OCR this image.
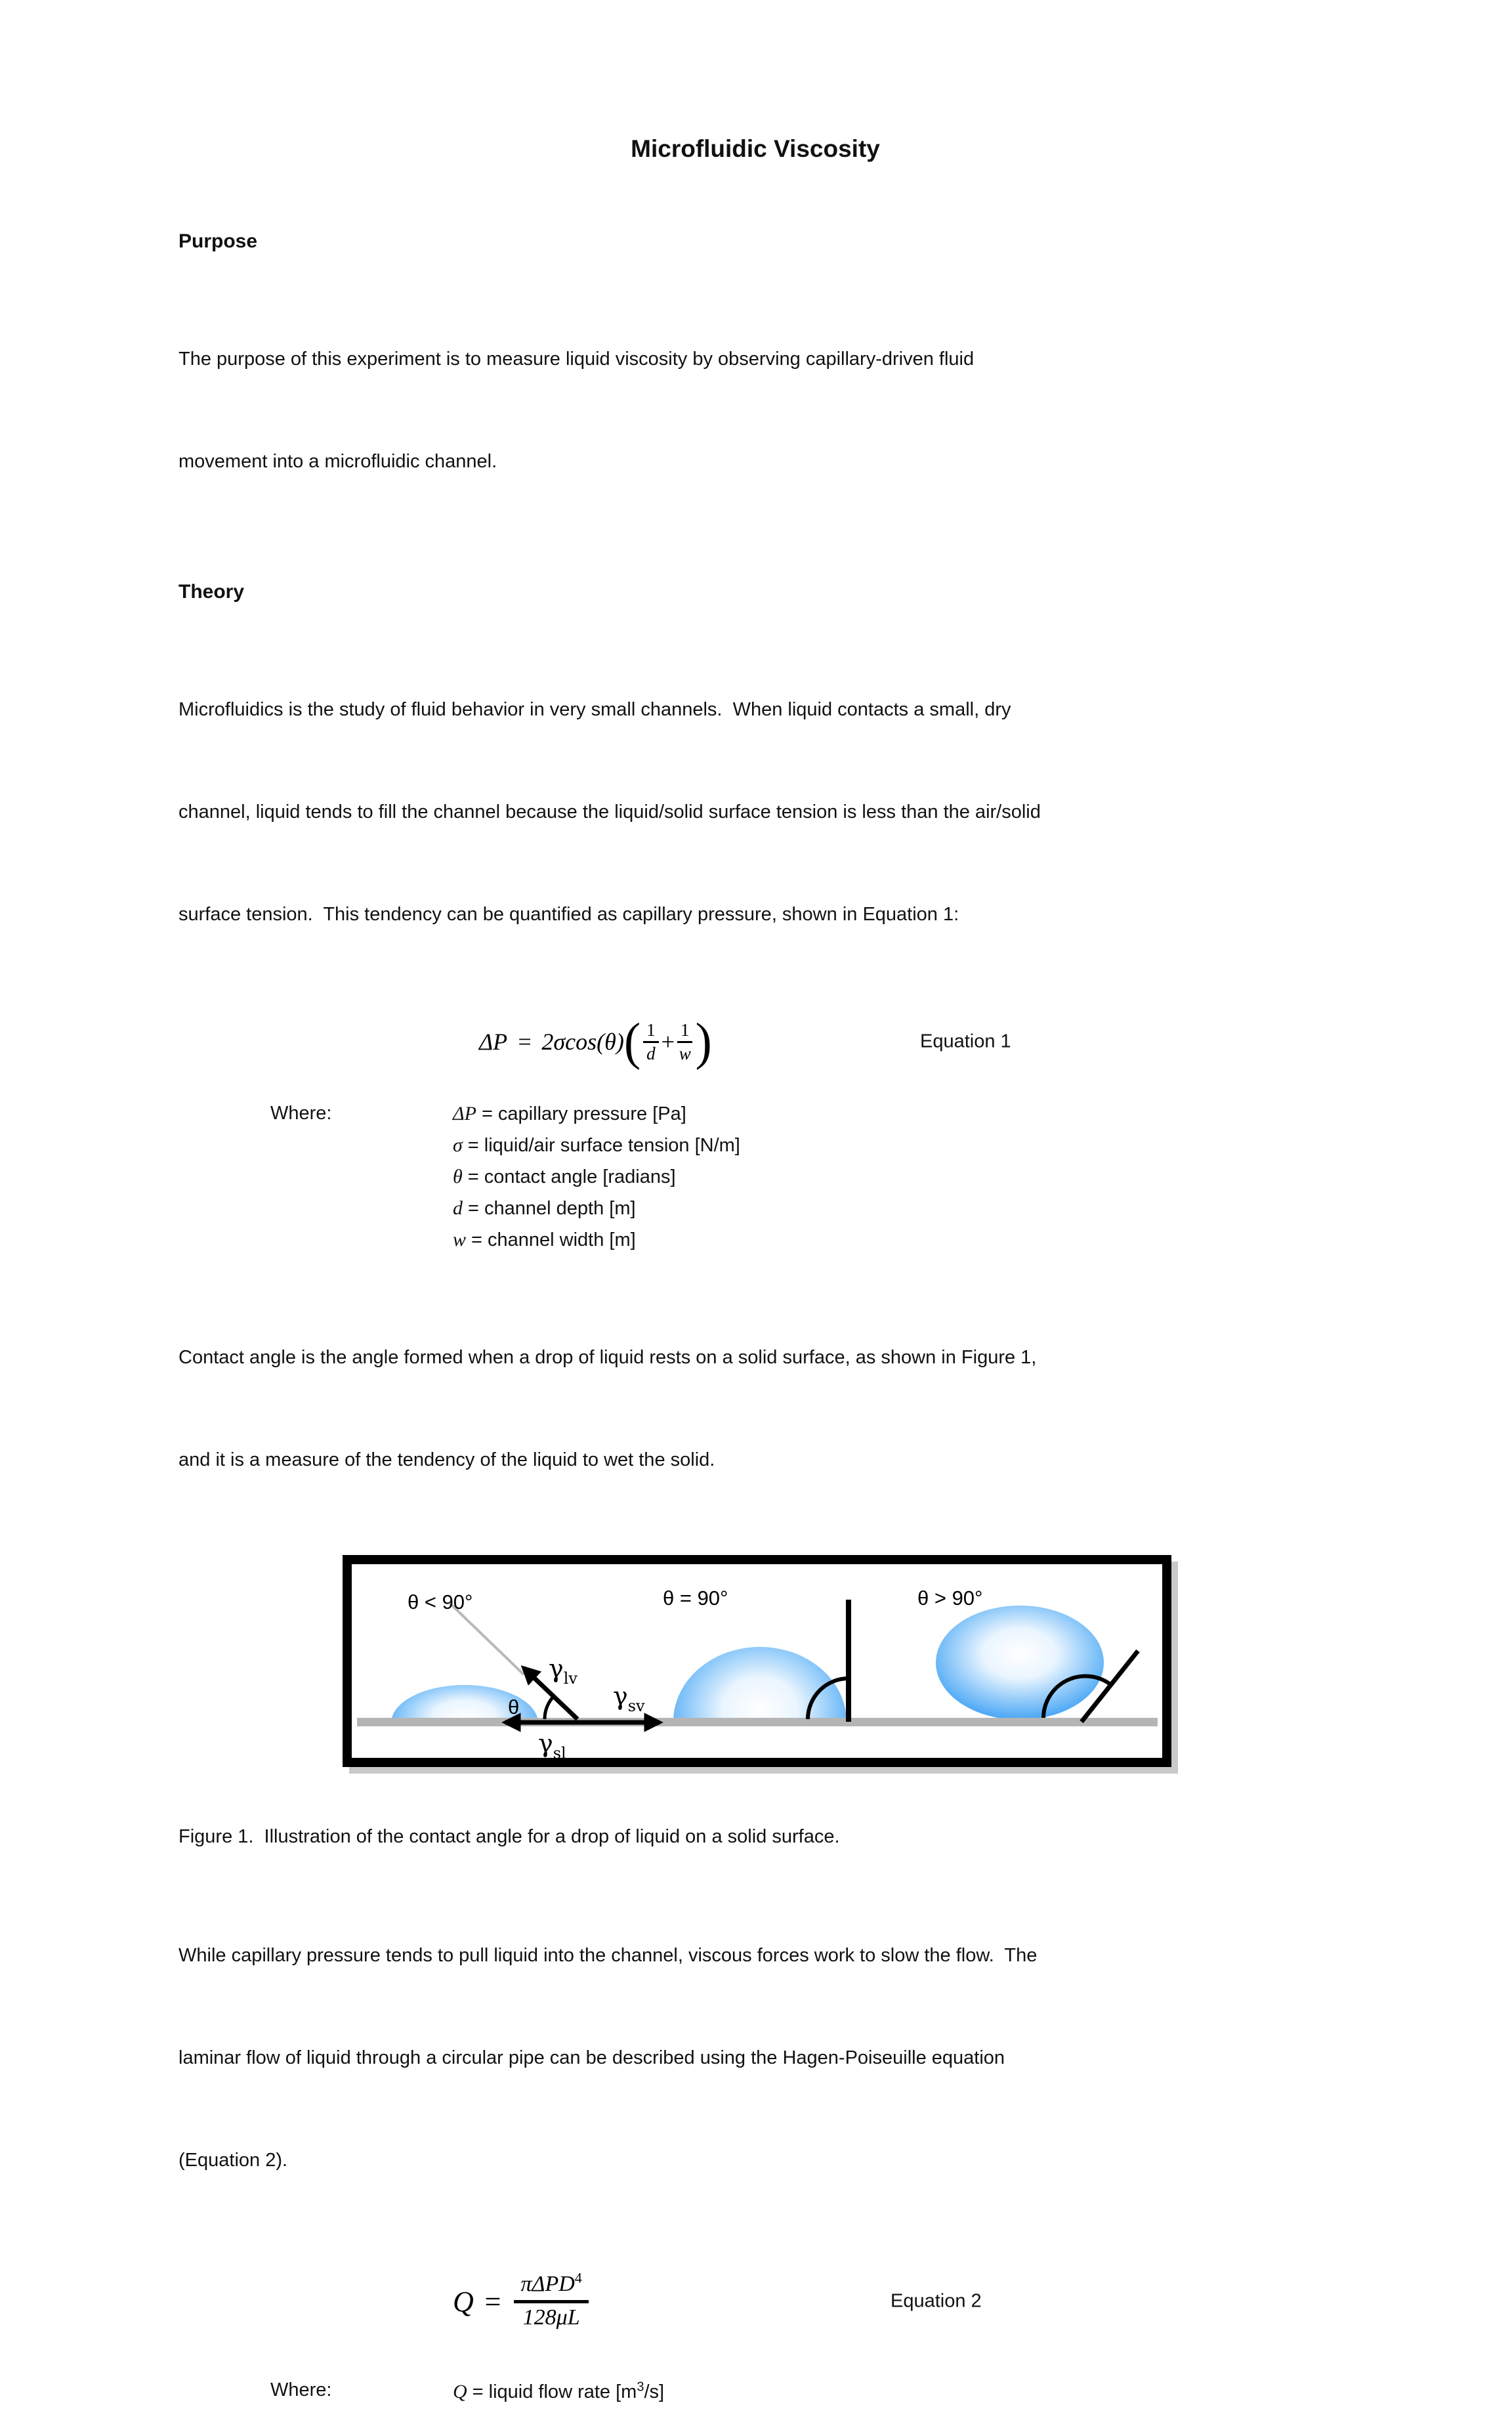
Microfluidic Viscosity
Purpose

The purpose of this experiment is to measure liquid viscosity by observing capillary-driven fluid

movement into a microfluidic channel.

Theory

Microfluidics is the study of fluid behavior in very small channels.  When liquid contacts a small, dry

channel, liquid tends to fill the channel because the liquid/solid surface tension is less than the air/solid

surface tension.  This tendency can be quantified as capillary pressure, shown in Equation 1:

ΔP = 2σcos(θ) ( $\frac{1}{d} + \frac{1}{w}$ )	Equation 1
Where:	ΔP = capillary pressure [Pa]
σ = liquid/air surface tension [N/m]
θ = contact angle [radians]
d = channel depth [m]
w = channel width [m]

Contact angle is the angle formed when a drop of liquid rests on a solid surface, as shown in Figure 1,

and it is a measure of the tendency of the liquid to wet the solid.

θ < 90°	θ = 90°	θ > 90°
θ
γlv
γsv
γsl

Figure 1.  Illustration of the contact angle for a drop of liquid on a solid surface.

While capillary pressure tends to pull liquid into the channel, viscous forces work to slow the flow.  The

laminar flow of liquid through a circular pipe can be described using the Hagen-Poiseuille equation

(Equation 2).

$Q = \frac{\pi\Delta PD^4}{128\mu L}$	Equation 2
Where:	Q = liquid flow rate $[m^3/s]$
